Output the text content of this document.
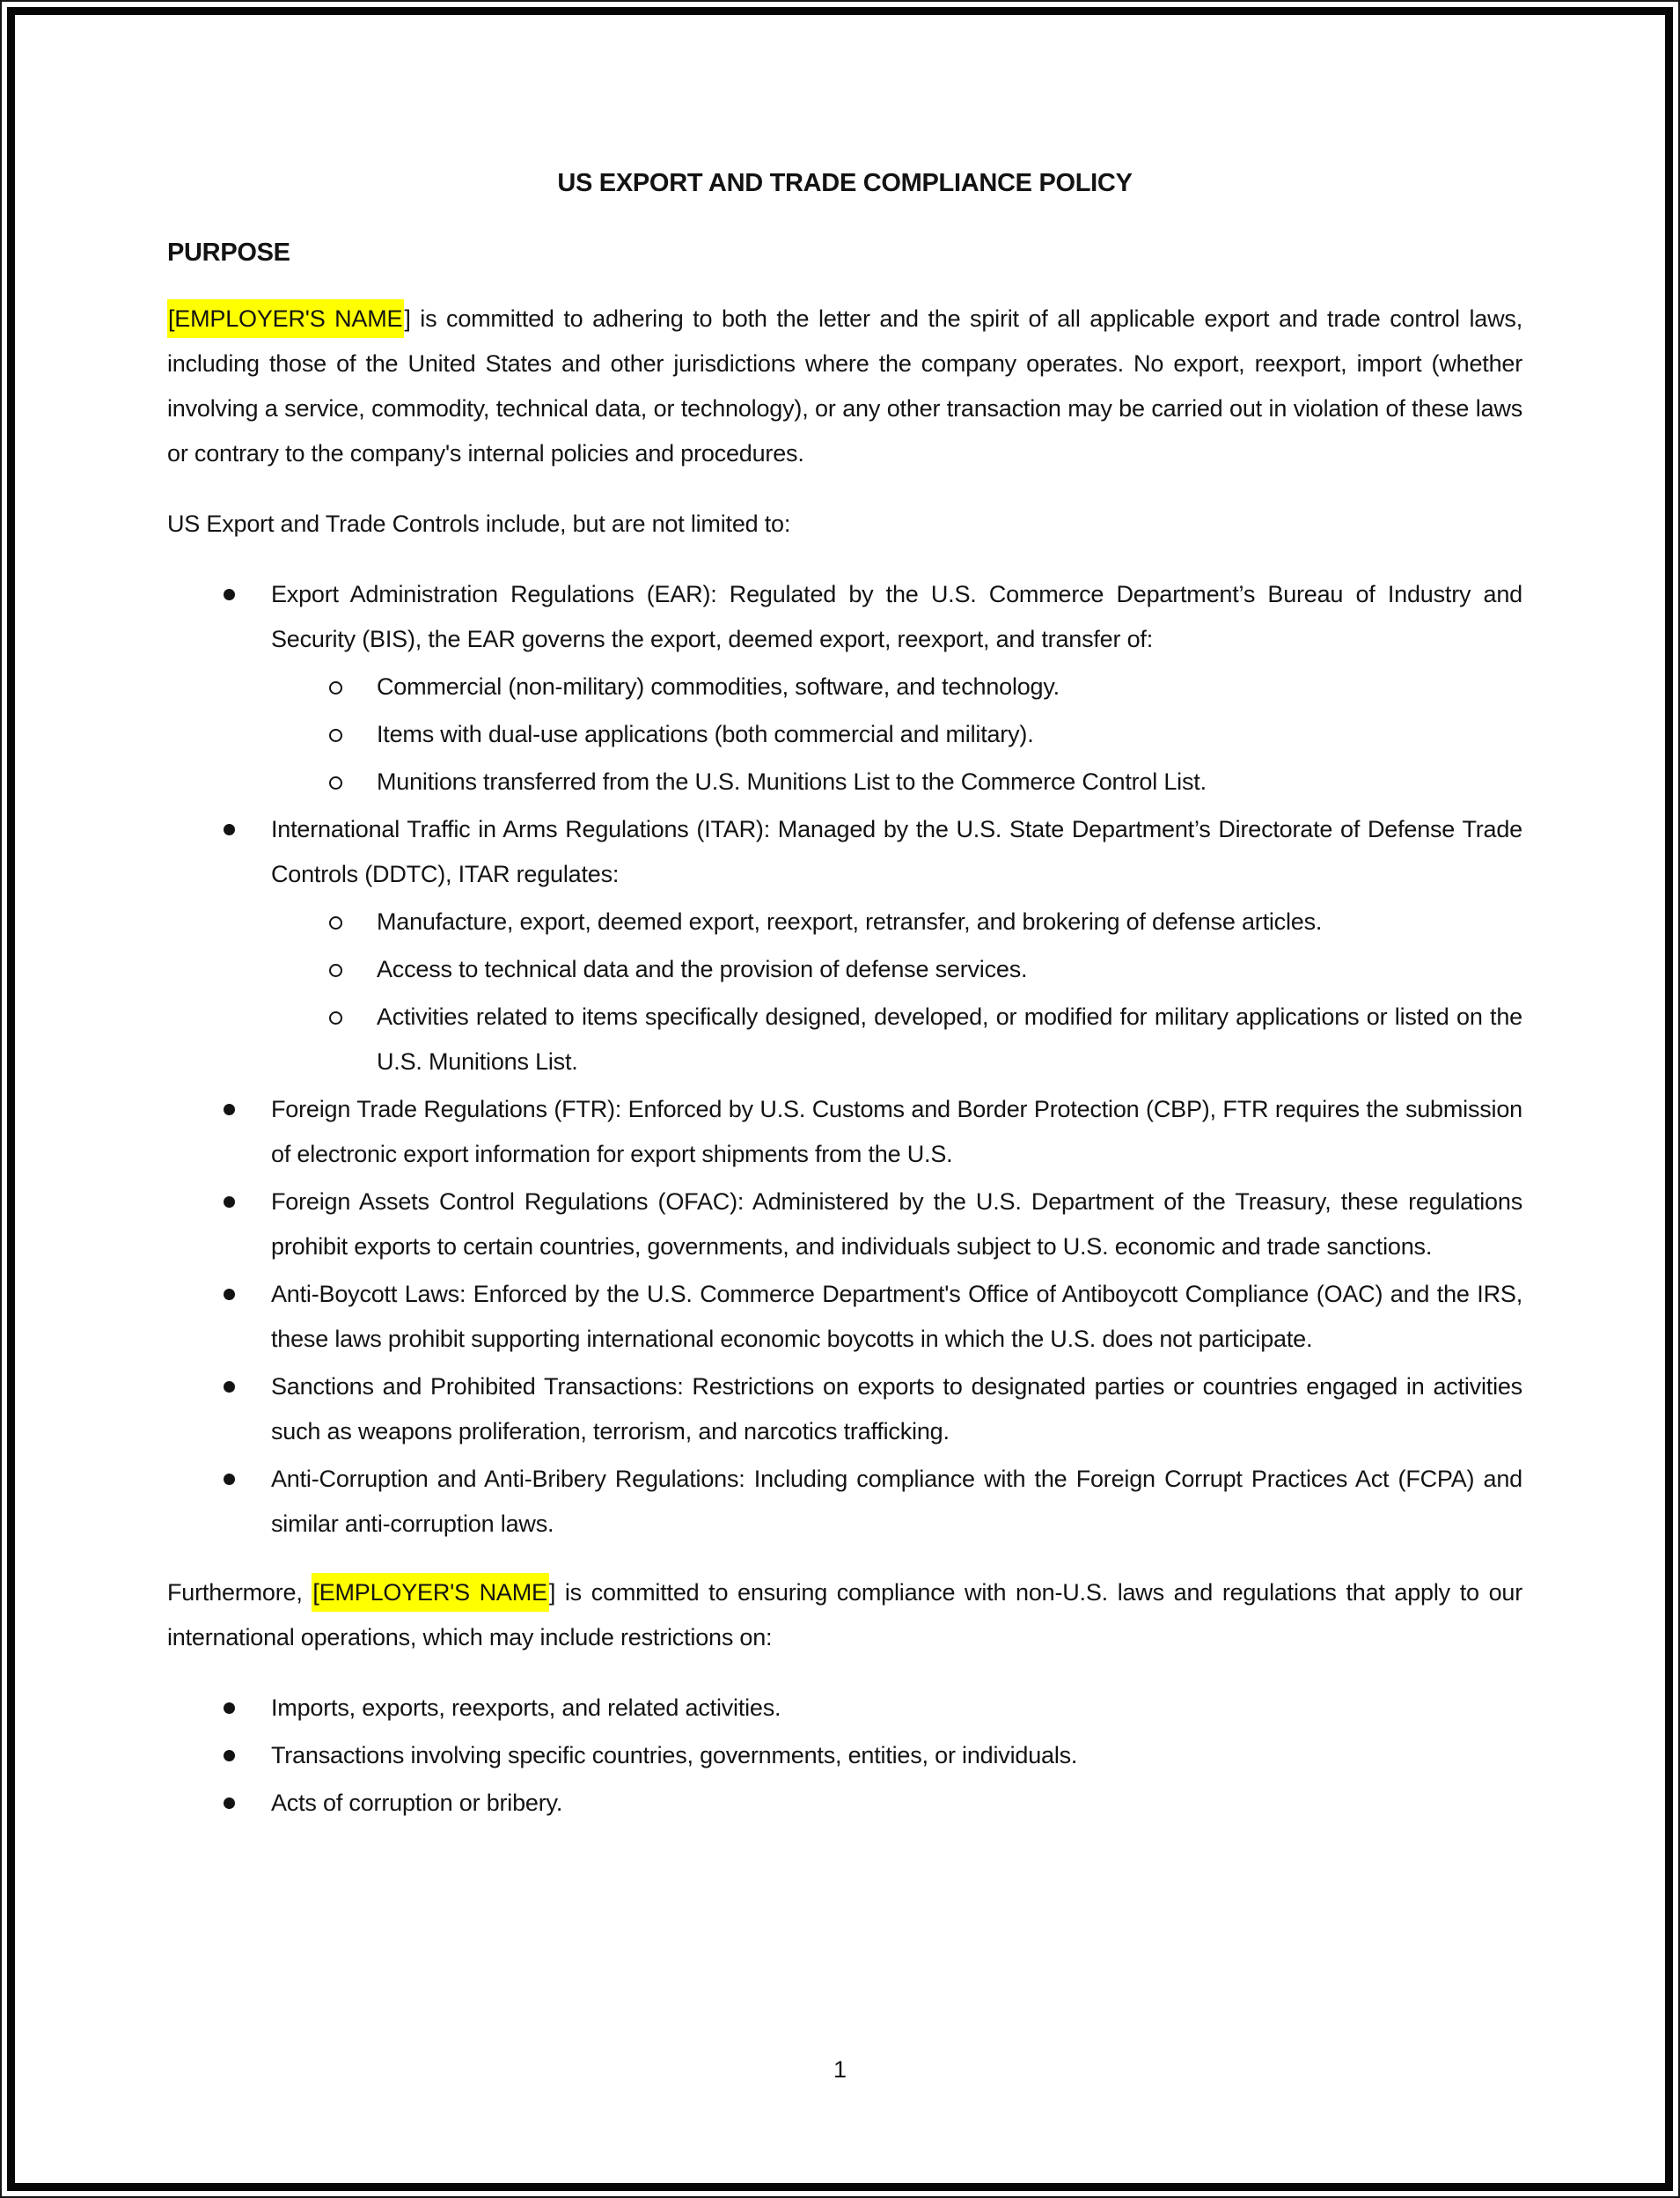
US EXPORT AND TRADE COMPLIANCE POLICY
PURPOSE

[EMPLOYER'S NAME] is committed to adhering to both the letter and the spirit of all applicable export and trade control laws, including those of the United States and other jurisdictions where the company operates. No export, reexport, import (whether involving a service, commodity, technical data, or technology), or any other transaction may be carried out in violation of these laws or contrary to the company's internal policies and procedures.

US Export and Trade Controls include, but are not limited to:

Export Administration Regulations (EAR): Regulated by the U.S. Commerce Department’s Bureau of Industry and Security (BIS), the EAR governs the export, deemed export, reexport, and transfer of:
Commercial (non-military) commodities, software, and technology.
Items with dual-use applications (both commercial and military).
Munitions transferred from the U.S. Munitions List to the Commerce Control List.
International Traffic in Arms Regulations (ITAR): Managed by the U.S. State Department’s Directorate of Defense Trade Controls (DDTC), ITAR regulates:
Manufacture, export, deemed export, reexport, retransfer, and brokering of defense articles.
Access to technical data and the provision of defense services.
Activities related to items specifically designed, developed, or modified for military applications or listed on the U.S. Munitions List.
Foreign Trade Regulations (FTR): Enforced by U.S. Customs and Border Protection (CBP), FTR requires the submission of electronic export information for export shipments from the U.S.
Foreign Assets Control Regulations (OFAC): Administered by the U.S. Department of the Treasury, these regulations prohibit exports to certain countries, governments, and individuals subject to U.S. economic and trade sanctions.
Anti-Boycott Laws: Enforced by the U.S. Commerce Department's Office of Antiboycott Compliance (OAC) and the IRS, these laws prohibit supporting international economic boycotts in which the U.S. does not participate.
Sanctions and Prohibited Transactions: Restrictions on exports to designated parties or countries engaged in activities such as weapons proliferation, terrorism, and narcotics trafficking.
Anti-Corruption and Anti-Bribery Regulations: Including compliance with the Foreign Corrupt Practices Act (FCPA) and similar anti-corruption laws.

Furthermore, [EMPLOYER'S NAME] is committed to ensuring compliance with non-U.S. laws and regulations that apply to our international operations, which may include restrictions on:

Imports, exports, reexports, and related activities.
Transactions involving specific countries, governments, entities, or individuals.
Acts of corruption or bribery.
1
